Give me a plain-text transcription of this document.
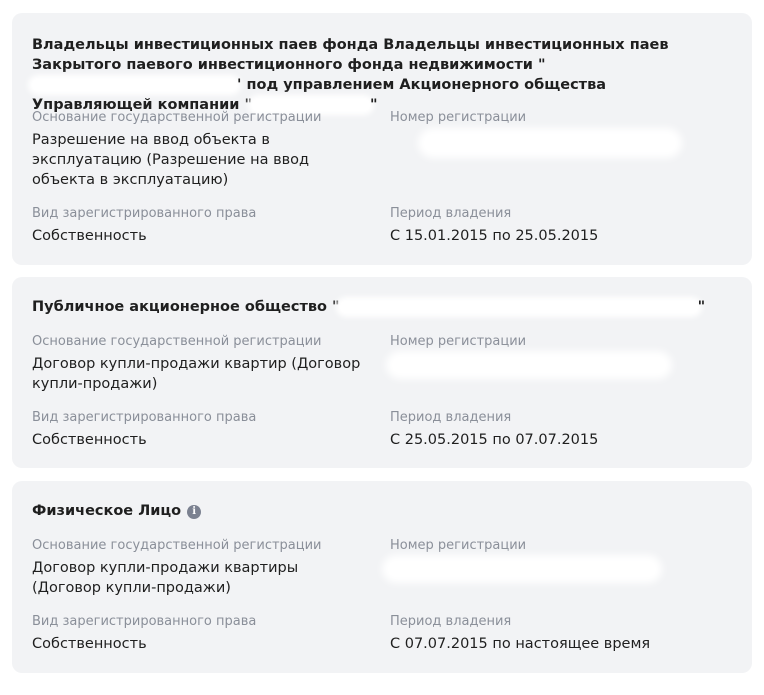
Владельцы инвестиционных паев фонда Владельцы инвестиционных паев Закрытого паевого инвестиционного фонда недвижимости "' под управлением Акционерного общества Управляющей компании "	"
Основание государственной регистрации
Разрешение на ввод объекта в эксплуатацию (Разрешение на ввод объекта в эксплуатацию)
Номер регистрации
Вид зарегистрированного права
Собственность
Период владения
С 15.01.2015 по 25.05.2015
Публичное акционерное общество "	"
Основание государственной регистрации
Договор купли-продажи квартир (Договор купли-продажи)
Номер регистрации
Вид зарегистрированного права
Собственность
Период владения
С 25.05.2015 по 07.07.2015
Физическое Лицо i
Основание государственной регистрации
Договор купли-продажи квартиры (Договор купли-продажи)
Номер регистрации
Вид зарегистрированного права
Собственность
Период владения
С 07.07.2015 по настоящее время
